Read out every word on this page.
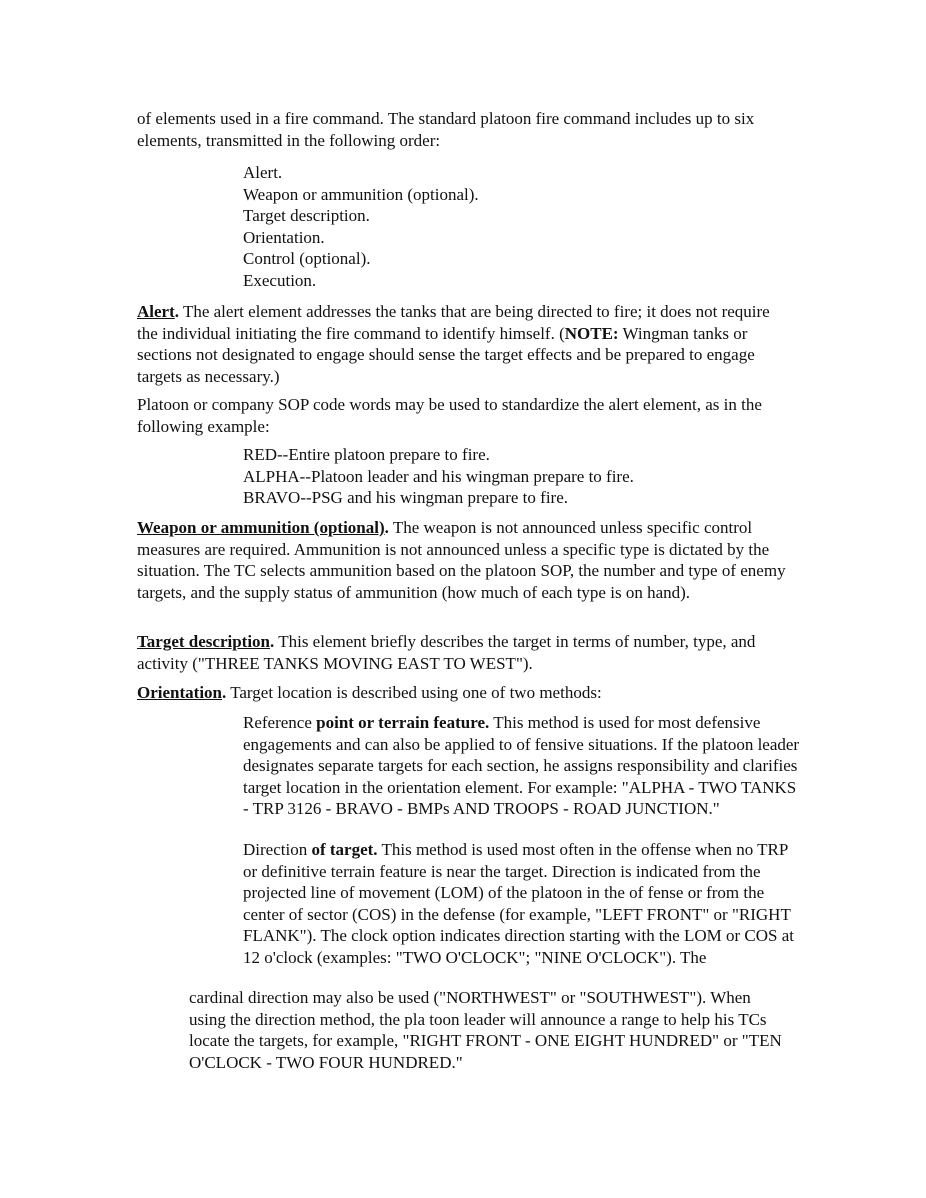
of elements used in a fire command. The standard platoon fire command includes up to six elements, transmitted in the following order:

Alert.
Weapon or ammunition (optional).
Target description.
Orientation.
Control (optional).
Execution.

Alert. The alert element addresses the tanks that are being directed to fire; it does not require the individual initiating the fire command to identify himself. (NOTE: Wingman tanks or sections not designated to engage should sense the target effects and be prepared to engage targets as necessary.)

Platoon or company SOP code words may be used to standardize the alert element, as in the following example:

RED--Entire platoon prepare to fire.
ALPHA--Platoon leader and his wingman prepare to fire.
BRAVO--PSG and his wingman prepare to fire.

Weapon or ammunition (optional). The weapon is not announced unless specific control measures are required. Ammunition is not announced unless a specific type is dictated by the situation. The TC selects ammunition based on the platoon SOP, the number and type of enemy targets, and the supply status of ammunition (how much of each type is on hand).

Target description. This element briefly describes the target in terms of number, type, and activity ("THREE TANKS MOVING EAST TO WEST").

Orientation. Target location is described using one of two methods:

Reference point or terrain feature. This method is used for most defensive engagements and can also be applied to of fensive situations. If the platoon leader designates separate targets for each section, he assigns responsibility and clarifies target location in the orientation element. For example: "ALPHA - TWO TANKS - TRP 3126 - BRAVO - BMPs AND TROOPS - ROAD JUNCTION."

Direction of target. This method is used most often in the offense when no TRP or definitive terrain feature is near the target. Direction is indicated from the projected line of movement (LOM) of the platoon in the of fense or from the center of sector (COS) in the defense (for example, "LEFT FRONT" or "RIGHT FLANK"). The clock option indicates direction starting with the LOM or COS at 12 o'clock (examples: "TWO O'CLOCK"; "NINE O'CLOCK"). The

cardinal direction may also be used ("NORTHWEST" or "SOUTHWEST"). When using the direction method, the pla toon leader will announce a range to help his TCs locate the targets, for example, "RIGHT FRONT - ONE EIGHT HUNDRED" or "TEN O'CLOCK - TWO FOUR HUNDRED."
